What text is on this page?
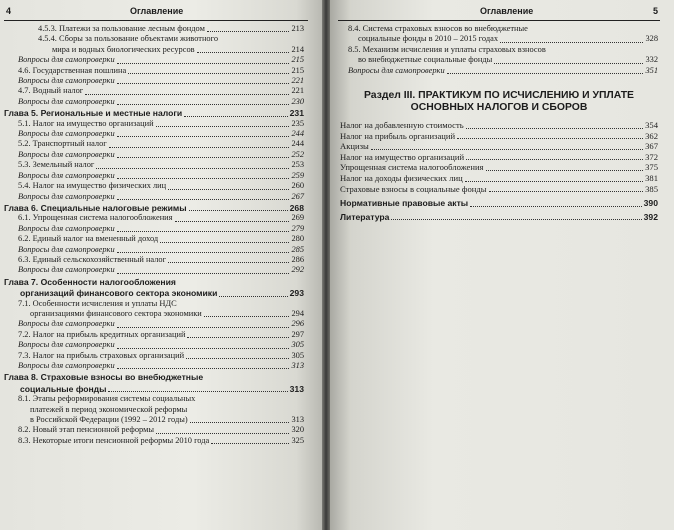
4	Оглавление
4.5.3. Платежи за пользование лесным фондом	213
4.5.4. Сборы за пользование объектами животного
мира и водных биологических ресурсов	214
Вопросы для самопроверки	215
4.6. Государственная пошлина	215
Вопросы для самопроверки	221
4.7. Водный налог	221
Вопросы для самопроверки	230
Глава 5. Региональные и местные налоги	231
5.1. Налог на имущество организаций	235
Вопросы для самопроверки	244
5.2. Транспортный налог	244
Вопросы для самопроверки	252
5.3. Земельный налог	253
Вопросы для самопроверки	259
5.4. Налог на имущество физических лиц	260
Вопросы для самопроверки	267
Глава 6. Специальные налоговые режимы	268
6.1. Упрощенная система налогообложения	269
Вопросы для самопроверки	279
6.2. Единый налог на вмененный доход	280
Вопросы для самопроверки	285
6.3. Единый сельскохозяйственный налог	286
Вопросы для самопроверки	292
Глава 7. Особенности налогообложения
организаций финансового сектора экономики	293
7.1. Особенности исчисления и уплаты НДС
организациями финансового сектора экономики	294
Вопросы для самопроверки	296
7.2. Налог на прибыль кредитных организаций	297
Вопросы для самопроверки	305
7.3. Налог на прибыль страховых организаций	305
Вопросы для самопроверки	313
Глава 8. Страховые взносы во внебюджетные
социальные фонды	313
8.1. Этапы реформирования системы социальных
платежей в период экономической реформы
в Российской Федерации (1992 – 2012 годы)	313
8.2. Новый этап пенсионной реформы	320
8.3. Некоторые итоги пенсионной реформы 2010 года	325
Оглавление	5
8.4. Система страховых взносов во внебюджетные
социальные фонды в 2010 – 2015 годах	328
8.5. Механизм исчисления и уплаты страховых взносов
во внебюджетные социальные фонды	332
Вопросы для самопроверки	351
Раздел III. ПРАКТИКУМ ПО ИСЧИСЛЕНИЮ И УПЛАТЕ ОСНОВНЫХ НАЛОГОВ И СБОРОВ
Налог на добавленную стоимость	354
Налог на прибыль организаций	362
Акцизы	367
Налог на имущество организаций	372
Упрощенная система налогообложения	375
Налог на доходы физических лиц	381
Страховые взносы в социальные фонды	385
Нормативные правовые акты	390
Литература	392
